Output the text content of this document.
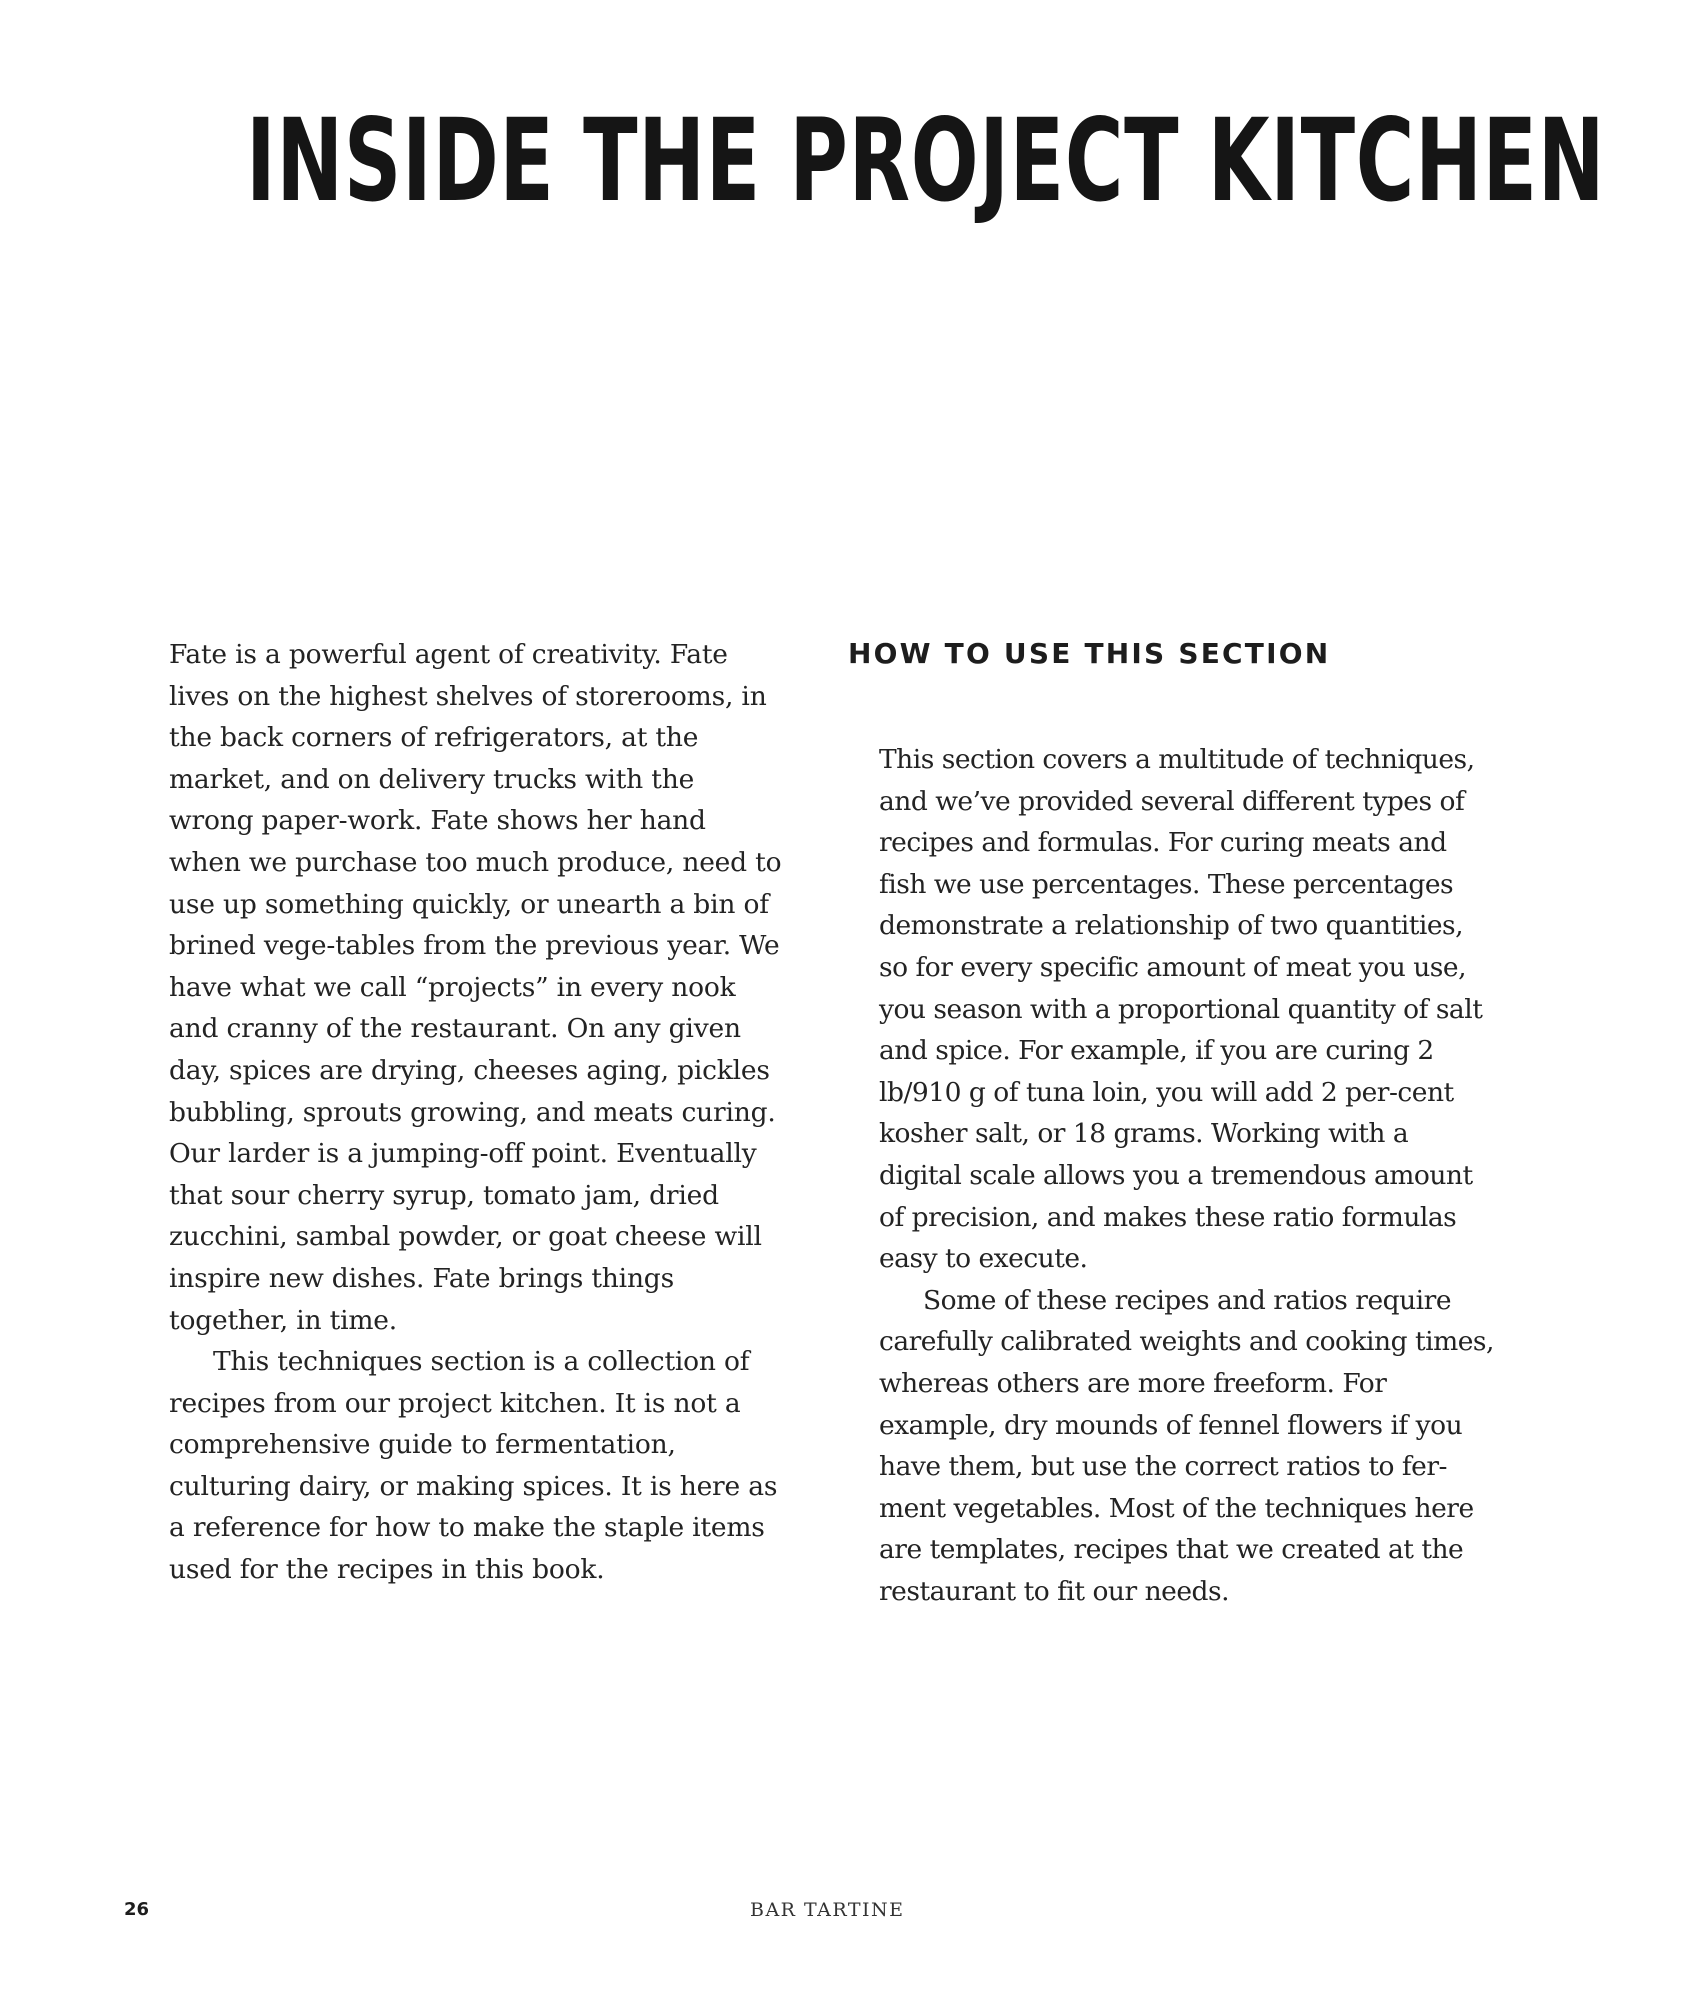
INSIDE THE PROJECT KITCHEN

Fate is a powerful agent of creativity. Fate lives on the highest shelves of storerooms, in the back corners of refrigerators, at the market, and on delivery trucks with the wrong paper-work. Fate shows her hand when we purchase too much produce, need to use up something quickly, or unearth a bin of brined vege-tables from the previous year. We have what we call “projects” in every nook and cranny of the restaurant. On any given day, spices are drying, cheeses aging, pickles bubbling, sprouts growing, and meats curing. Our larder is a jumping-off point. Eventually that sour cherry syrup, tomato jam, dried zucchini, sambal powder, or goat cheese will inspire new dishes. Fate brings things together, in time.

This techniques section is a collection of recipes from our project kitchen. It is not a comprehensive guide to fermentation, culturing dairy, or making spices. It is here as a reference for how to make the staple items used for the recipes in this book.

HOW TO USE THIS SECTION

This section covers a multitude of techniques, and we’ve provided several different types of recipes and formulas. For curing meats and fish we use percentages. These percentages demonstrate a relationship of two quantities, so for every specific amount of meat you use, you season with a proportional quantity of salt and spice. For example, if you are curing 2 lb/910 g of tuna loin, you will add 2 per-cent kosher salt, or 18 grams. Working with a digital scale allows you a tremendous amount of precision, and makes these ratio formulas easy to execute.

Some of these recipes and ratios require carefully calibrated weights and cooking times, whereas others are more freeform. For example, dry mounds of fennel flowers if you have them, but use the correct ratios to fer-ment vegetables. Most of the techniques here are templates, recipes that we created at the restaurant to fit our needs.

26	BAR TARTINE
